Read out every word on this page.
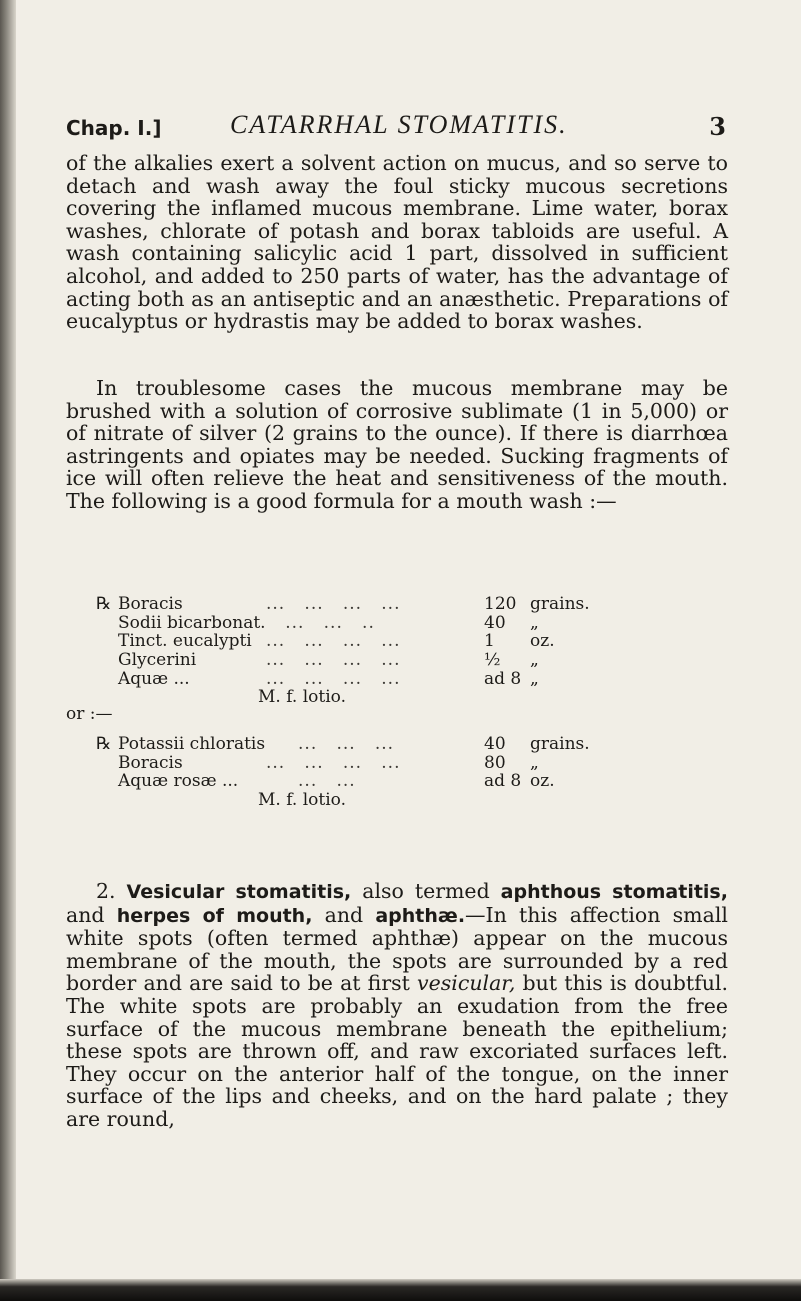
Chap. I.]	CATARRHAL STOMATITIS.	3
of the alkalies exert a solvent action on mucus, and so serve to detach and wash away the foul sticky mucous secretions covering the inflamed mucous membrane. Lime water, borax washes, chlorate of potash and borax tabloids are useful. A wash containing salicylic acid 1 part, dissolved in sufficient alcohol, and added to 250 parts of water, has the advantage of acting both as an antiseptic and an anæsthetic. Preparations of eucalyptus or hydrastis may be added to borax washes.
In troublesome cases the mucous membrane may be brushed with a solution of corrosive sublimate (1 in 5,000) or of nitrate of silver (2 grains to the ounce). If there is diarrhœa astringents and opiates may be needed. Sucking fragments of ice will often relieve the heat and sensitiveness of the mouth. The following is a good formula for a mouth wash :—
℞ Boracis	...   ...   ...   ...	120 grains.
Sodii bicarbonat. ...   ...   ..	40 „
Tinct. eucalypti ...   ...   ...   ...	1 oz.
Glycerini	...   ...   ...   ...	½ „
Aquæ ...	...   ...   ...   ...	ad 8 „
M. f. lotio.
or :—
℞ Potassii chloratis ...   ...   ...	40 grains.
Boracis	...   ...   ...   ...	80 „
Aquæ rosæ ... ...   ...	ad 8 oz.
M. f. lotio.
2. Vesicular stomatitis, also termed aphthous stomatitis, and herpes of mouth, and aphthæ.—In this affection small white spots (often termed aphthæ) appear on the mucous membrane of the mouth, the spots are surrounded by a red border and are said to be at first vesicular, but this is doubtful. The white spots are probably an exudation from the free surface of the mucous membrane beneath the epithelium; these spots are thrown off, and raw excoriated surfaces left. They occur on the anterior half of the tongue, on the inner surface of the lips and cheeks, and on the hard palate ; they are round,
